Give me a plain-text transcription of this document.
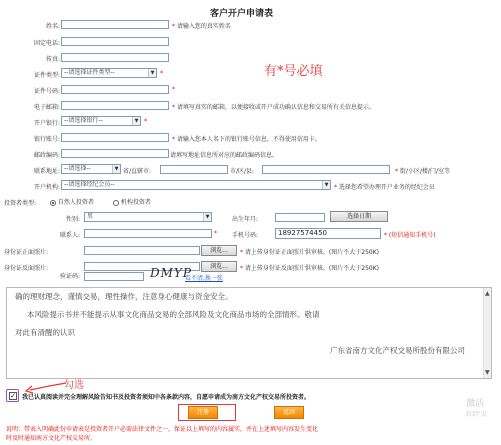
客户开户申请表
有*号必填
姓名:	* 请输入您的真实姓名
固定电话:
传真:
证件类型: --请选择证件类型--	▼ *
证件号码:	*
电子邮箱:	* 请填写真实的邮箱，以便接收或开户成功确认信息和交易所有关信息提示。
开户银行: --请选择银行--	▼ *
银行账号:	* 请输入您本人名下的银行账号信息，不得使用信用卡。
邮政编码:	请填写地址信息所对应的邮政编码信息。
联系地址: --请选择--	▼ 省/直辖市:	市/区/县:	* 街/小区/楼/门/室等
开户机构: --请选择经纪会员--	▼ * 选择您希望办理开户业务的经纪会员
投资者类型:	自然人投资者	机构投资者
性别:	男	▼	出生年月:	选择日期
联系人:	*	手机号码:	18927574450	* (短信通知手机号)
身份证正面照片:	浏览...	* 请上传身份证正面照片供审核。(图片不大于250K)
身份证反面照片:	浏览...	* 请上传身份证反面照片供审核。(图片不大于250K)
验证码:	DMYP
看不清,换一张

确的理财理念，谨慎交易，理性操作，注意身心健康与资金安全。

本风险提示书并不能提示从事文化商品交易的全部风险及文化商品市场的全部情形。敬请

对此有清醒的认识

广东省南方文化产权交易所股份有限公司

▲
▼
勾选
✓ 我已认真阅读并完全理解风险告知书及投资者须知中各条款内容，自愿申请成为南方文化产权交易所投资者。
注册	返回
说明：带表入明确此份申请表是投资者开户必需法律文件之一，保证以上填写的内容属实，并在上述填写内容发生变化
时及时通知南方文化产权交易所。
激活
转到"设
